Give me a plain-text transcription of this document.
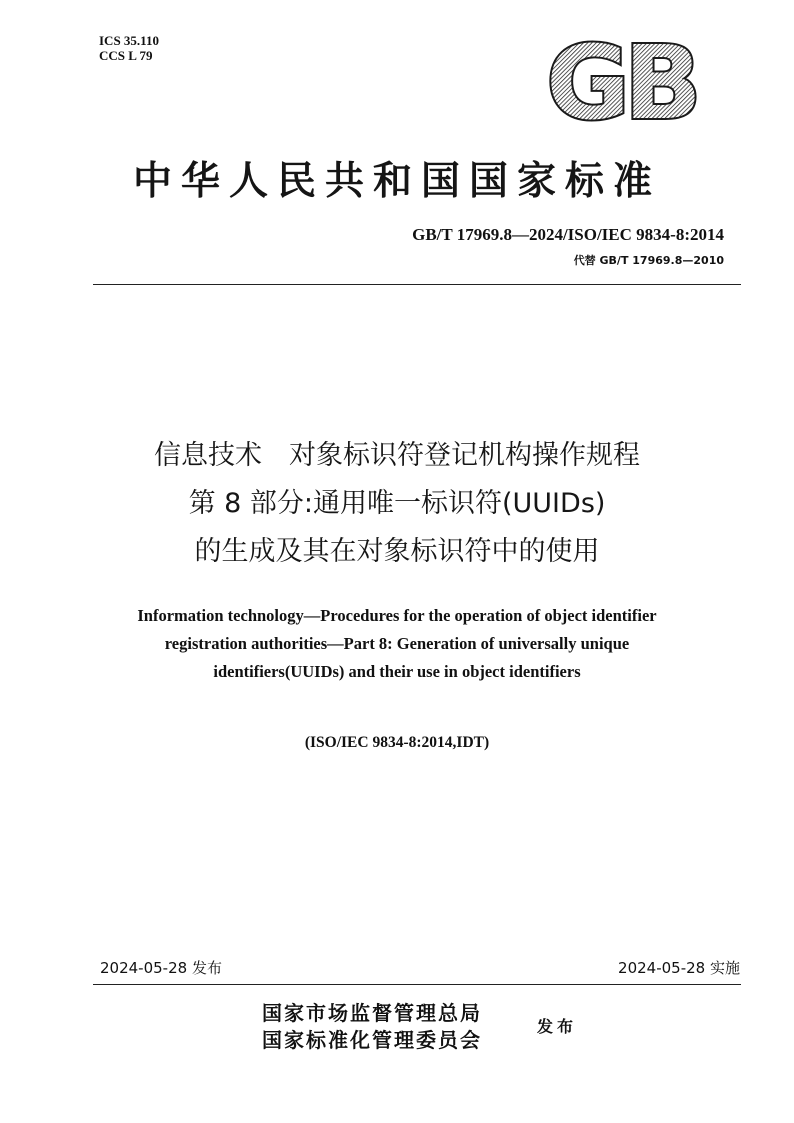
ICS 35.110
CCS L 79	GB
中华人民共和国国家标准
GB/T 17969.8—2024/ISO/IEC 9834-8:2014
代替 GB/T 17969.8—2010
信息技术　对象标识符登记机构操作规程
第 8 部分:通用唯一标识符(UUIDs)
的生成及其在对象标识符中的使用
Information technology—Procedures for the operation of object identifier
registration authorities—Part 8: Generation of universally unique
identifiers(UUIDs) and their use in object identifiers
(ISO/IEC 9834-8:2014,IDT)
2024-05-28 发布	2024-05-28 实施
国家市场监督管理总局
国家标准化管理委员会
发布
